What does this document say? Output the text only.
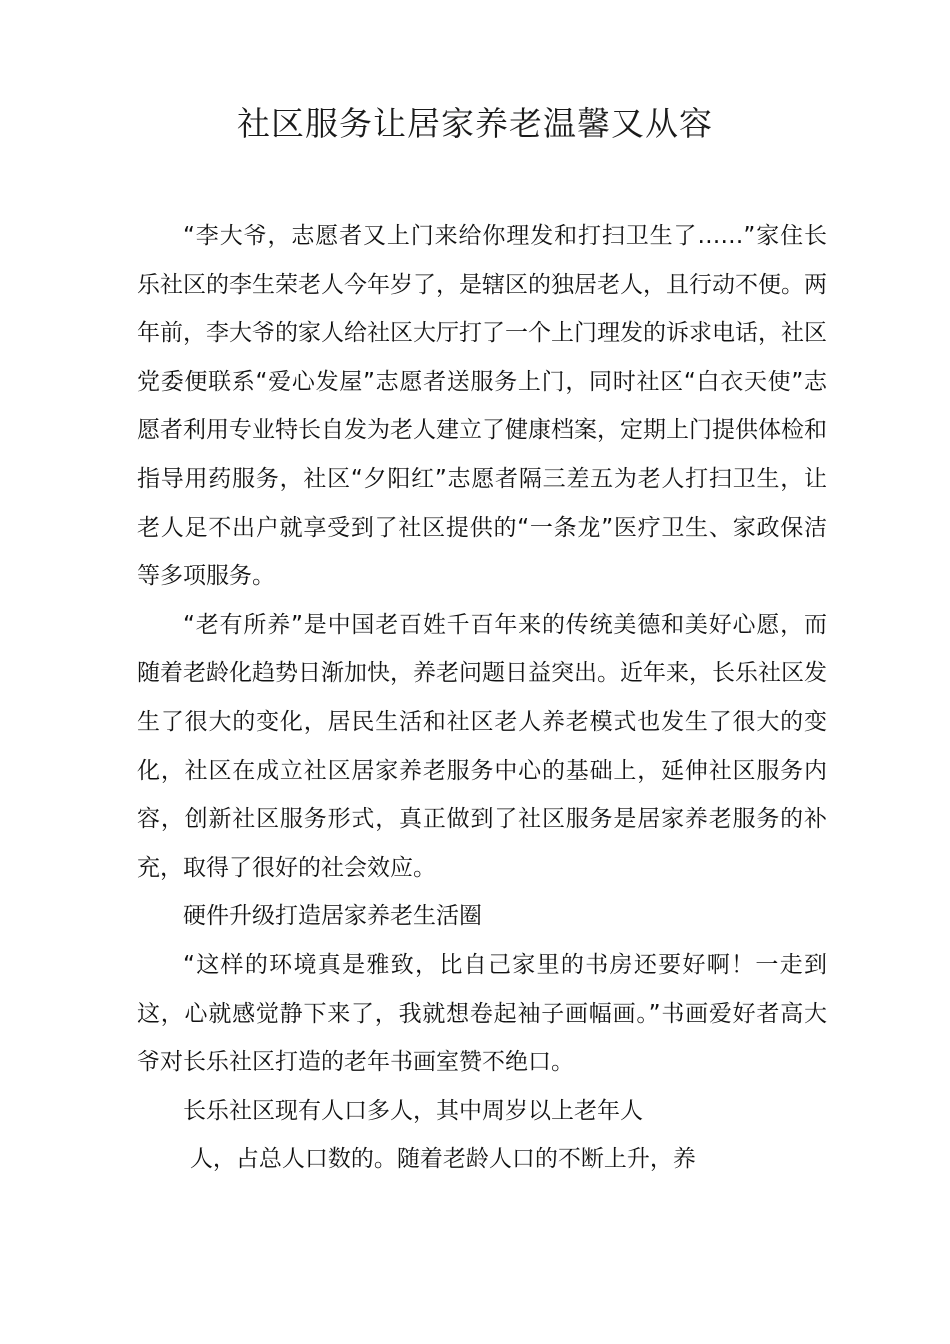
社区服务让居家养老温馨又从容

“李大爷，志愿者又上门来给你理发和打扫卫生了……”家住长乐社区的李生荣老人今年岁了，是辖区的独居老人，且行动不便。两年前，李大爷的家人给社区大厅打了一个上门理发的诉求电话，社区党委便联系“爱心发屋”志愿者送服务上门，同时社区“白衣天使”志愿者利用专业特长自发为老人建立了健康档案，定期上门提供体检和指导用药服务，社区“夕阳红”志愿者隔三差五为老人打扫卫生，让老人足不出户就享受到了社区提供的“一条龙”医疗卫生、家政保洁等多项服务。

“老有所养”是中国老百姓千百年来的传统美德和美好心愿，而随着老龄化趋势日渐加快，养老问题日益突出。近年来，长乐社区发生了很大的变化，居民生活和社区老人养老模式也发生了很大的变化，社区在成立社区居家养老服务中心的基础上，延伸社区服务内容，创新社区服务形式，真正做到了社区服务是居家养老服务的补充，取得了很好的社会效应。

硬件升级打造居家养老生活圈

“这样的环境真是雅致，比自己家里的书房还要好啊！一走到这，心就感觉静下来了，我就想卷起袖子画幅画。”书画爱好者高大爷对长乐社区打造的老年书画室赞不绝口。

长乐社区现有人口多人，其中周岁以上老年人

人，占总人口数的。随着老龄人口的不断上升，养
